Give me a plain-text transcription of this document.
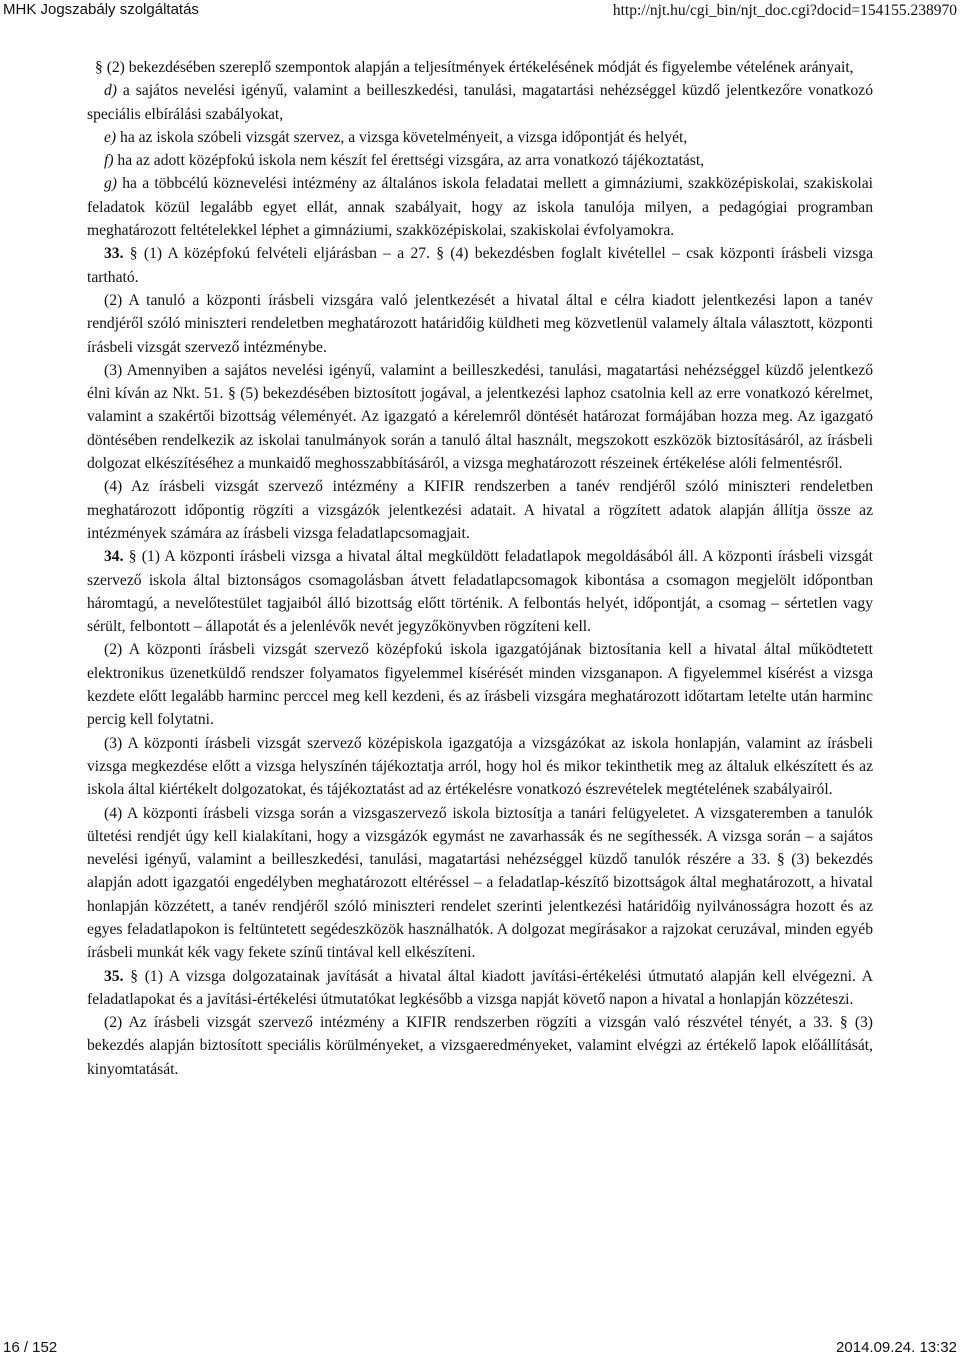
MHK Jogszabály szolgáltatás	http://njt.hu/cgi_bin/njt_doc.cgi?docid=154155.238970

§ (2) bekezdésében szereplő szempontok alapján a teljesítmények értékelésének módját és figyelembe vételének arányait,

d) a sajátos nevelési igényű, valamint a beilleszkedési, tanulási, magatartási nehézséggel küzdő jelentkezőre vonatkozó speciális elbírálási szabályokat,

e) ha az iskola szóbeli vizsgát szervez, a vizsga követelményeit, a vizsga időpontját és helyét,

f) ha az adott középfokú iskola nem készít fel érettségi vizsgára, az arra vonatkozó tájékoztatást,

g) ha a többcélú köznevelési intézmény az általános iskola feladatai mellett a gimnáziumi, szakközépiskolai, szakiskolai feladatok közül legalább egyet ellát, annak szabályait, hogy az iskola tanulója milyen, a pedagógiai programban meghatározott feltételekkel léphet a gimnáziumi, szakközépiskolai, szakiskolai évfolyamokra.

33. § (1) A középfokú felvételi eljárásban – a 27. § (4) bekezdésben foglalt kivétellel – csak központi írásbeli vizsga tartható.

(2) A tanuló a központi írásbeli vizsgára való jelentkezését a hivatal által e célra kiadott jelentkezési lapon a tanév rendjéről szóló miniszteri rendeletben meghatározott határidőig küldheti meg közvetlenül valamely általa választott, központi írásbeli vizsgát szervező intézménybe.

(3) Amennyiben a sajátos nevelési igényű, valamint a beilleszkedési, tanulási, magatartási nehézséggel küzdő jelentkező élni kíván az Nkt. 51. § (5) bekezdésében biztosított jogával, a jelentkezési laphoz csatolnia kell az erre vonatkozó kérelmet, valamint a szakértői bizottság véleményét. Az igazgató a kérelemről döntését határozat formájában hozza meg. Az igazgató döntésében rendelkezik az iskolai tanulmányok során a tanuló által használt, megszokott eszközök biztosításáról, az írásbeli dolgozat elkészítéséhez a munkaidő meghosszabbításáról, a vizsga meghatározott részeinek értékelése alóli felmentésről.

(4) Az írásbeli vizsgát szervező intézmény a KIFIR rendszerben a tanév rendjéről szóló miniszteri rendeletben meghatározott időpontig rögzíti a vizsgázók jelentkezési adatait. A hivatal a rögzített adatok alapján állítja össze az intézmények számára az írásbeli vizsga feladatlapcsomagjait.

34. § (1) A központi írásbeli vizsga a hivatal által megküldött feladatlapok megoldásából áll. A központi írásbeli vizsgát szervező iskola által biztonságos csomagolásban átvett feladatlapcsomagok kibontása a csomagon megjelölt időpontban háromtagú, a nevelőtestület tagjaiból álló bizottság előtt történik. A felbontás helyét, időpontját, a csomag – sértetlen vagy sérült, felbontott – állapotát és a jelenlévők nevét jegyzőkönyvben rögzíteni kell.

(2) A központi írásbeli vizsgát szervező középfokú iskola igazgatójának biztosítania kell a hivatal által működtetett elektronikus üzenetküldő rendszer folyamatos figyelemmel kísérését minden vizsganapon. A figyelemmel kísérést a vizsga kezdete előtt legalább harminc perccel meg kell kezdeni, és az írásbeli vizsgára meghatározott időtartam letelte után harminc percig kell folytatni.

(3) A központi írásbeli vizsgát szervező középiskola igazgatója a vizsgázókat az iskola honlapján, valamint az írásbeli vizsga megkezdése előtt a vizsga helyszínén tájékoztatja arról, hogy hol és mikor tekinthetik meg az általuk elkészített és az iskola által kiértékelt dolgozatokat, és tájékoztatást ad az értékelésre vonatkozó észrevételek megtételének szabályairól.

(4) A központi írásbeli vizsga során a vizsgaszervező iskola biztosítja a tanári felügyeletet. A vizsgateremben a tanulók ültetési rendjét úgy kell kialakítani, hogy a vizsgázók egymást ne zavarhassák és ne segíthessék. A vizsga során – a sajátos nevelési igényű, valamint a beilleszkedési, tanulási, magatartási nehézséggel küzdő tanulók részére a 33. § (3) bekezdés alapján adott igazgatói engedélyben meghatározott eltéréssel – a feladatlap-készítő bizottságok által meghatározott, a hivatal honlapján közzétett, a tanév rendjéről szóló miniszteri rendelet szerinti jelentkezési határidőig nyilvánosságra hozott és az egyes feladatlapokon is feltüntetett segédeszközök használhatók. A dolgozat megírásakor a rajzokat ceruzával, minden egyéb írásbeli munkát kék vagy fekete színű tintával kell elkészíteni.

35. § (1) A vizsga dolgozatainak javítását a hivatal által kiadott javítási-értékelési útmutató alapján kell elvégezni. A feladatlapokat és a javítási-értékelési útmutatókat legkésőbb a vizsga napját követő napon a hivatal a honlapján közzéteszi.

(2) Az írásbeli vizsgát szervező intézmény a KIFIR rendszerben rögzíti a vizsgán való részvétel tényét, a 33. § (3) bekezdés alapján biztosított speciális körülményeket, a vizsgaeredményeket, valamint elvégzi az értékelő lapok előállítását, kinyomtatását.

16 / 152	2014.09.24. 13:32
